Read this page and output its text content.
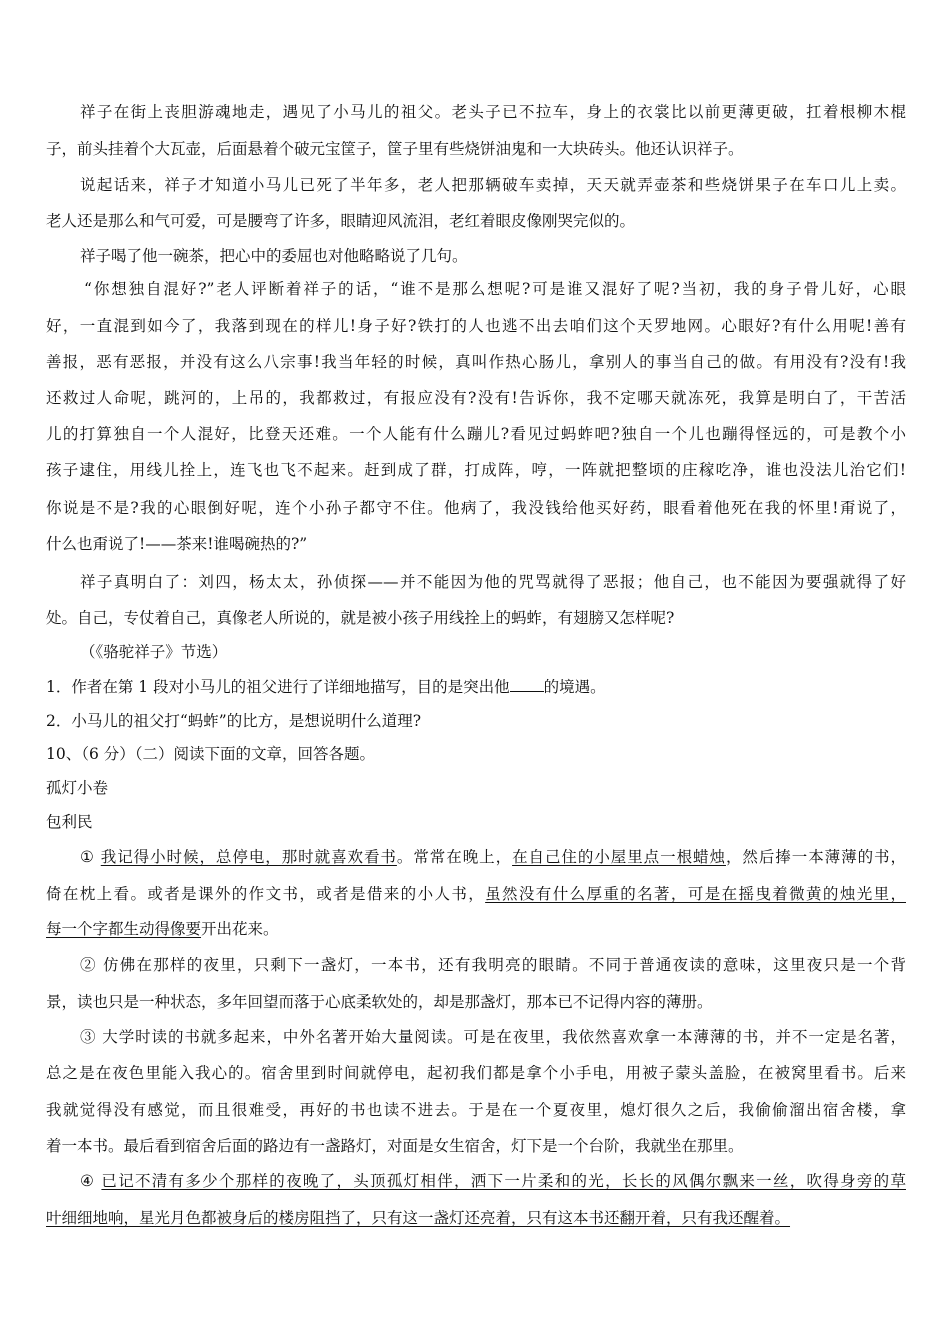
祥子在街上丧胆游魂地走，遇见了小马儿的祖父。老头子已不拉车，身上的衣裳比以前更薄更破，扛着根柳木棍
子，前头挂着个大瓦壶，后面悬着个破元宝筐子，筐子里有些烧饼油鬼和一大块砖头。他还认识祥子。
说起话来，祥子才知道小马儿已死了半年多，老人把那辆破车卖掉，天天就弄壶茶和些烧饼果子在车口儿上卖。
老人还是那么和气可爱，可是腰弯了许多，眼睛迎风流泪，老红着眼皮像刚哭完似的。
祥子喝了他一碗茶，把心中的委屈也对他略略说了几句。
“你想独自混好?”老人评断着祥子的话，“谁不是那么想呢?可是谁又混好了呢?当初，我的身子骨儿好，心眼
好，一直混到如今了，我落到现在的样儿!身子好?铁打的人也逃不出去咱们这个天罗地网。心眼好?有什么用呢!善有
善报，恶有恶报，并没有这么八宗事!我当年轻的时候，真叫作热心肠儿，拿别人的事当自己的做。有用没有?没有!我
还救过人命呢，跳河的，上吊的，我都救过，有报应没有?没有!告诉你，我不定哪天就冻死，我算是明白了，干苦活
儿的打算独自一个人混好，比登天还难。一个人能有什么蹦儿?看见过蚂蚱吧?独自一个儿也蹦得怪远的，可是教个小
孩子逮住，用线儿拴上，连飞也飞不起来。赶到成了群，打成阵，哼，一阵就把整顷的庄稼吃净，谁也没法儿治它们!
你说是不是?我的心眼倒好呢，连个小孙子都守不住。他病了，我没钱给他买好药，眼看着他死在我的怀里!甭说了，
什么也甭说了!——茶来!谁喝碗热的?”
祥子真明白了：刘四，杨太太，孙侦探——并不能因为他的咒骂就得了恶报；他自己，也不能因为要强就得了好
处。自己，专仗着自己，真像老人所说的，就是被小孩子用线拴上的蚂蚱，有翅膀又怎样呢?
（《骆驼祥子》节选）
1．作者在第 1 段对小马儿的祖父进行了详细地描写，目的是突出他 的境遇。
2．小马儿的祖父打“蚂蚱”的比方，是想说明什么道理?
10、（6 分）（二）阅读下面的文章，回答各题。
孤灯小卷
包利民
① 我记得小时候，总停电，那时就喜欢看书。常常在晚上，在自己住的小屋里点一根蜡烛，然后捧一本薄薄的书，
倚在枕上看。或者是课外的作文书，或者是借来的小人书，虽然没有什么厚重的名著，可是在摇曳着微黄的烛光里，
每一个字都生动得像要开出花来。
② 仿佛在那样的夜里，只剩下一盏灯，一本书，还有我明亮的眼睛。不同于普通夜读的意味，这里夜只是一个背
景，读也只是一种状态，多年回望而落于心底柔软处的，却是那盏灯，那本已不记得内容的薄册。
③ 大学时读的书就多起来，中外名著开始大量阅读。可是在夜里，我依然喜欢拿一本薄薄的书，并不一定是名著，
总之是在夜色里能入我心的。宿舍里到时间就停电，起初我们都是拿个小手电，用被子蒙头盖脸，在被窝里看书。后来
我就觉得没有感觉，而且很难受，再好的书也读不进去。于是在一个夏夜里，熄灯很久之后，我偷偷溜出宿舍楼，拿
着一本书。最后看到宿舍后面的路边有一盏路灯，对面是女生宿舍，灯下是一个台阶，我就坐在那里。
④ 已记不清有多少个那样的夜晚了，头顶孤灯相伴，洒下一片柔和的光，长长的风偶尔飘来一丝，吹得身旁的草
叶细细地响，星光月色都被身后的楼房阻挡了，只有这一盏灯还亮着，只有这本书还翻开着，只有我还醒着。
